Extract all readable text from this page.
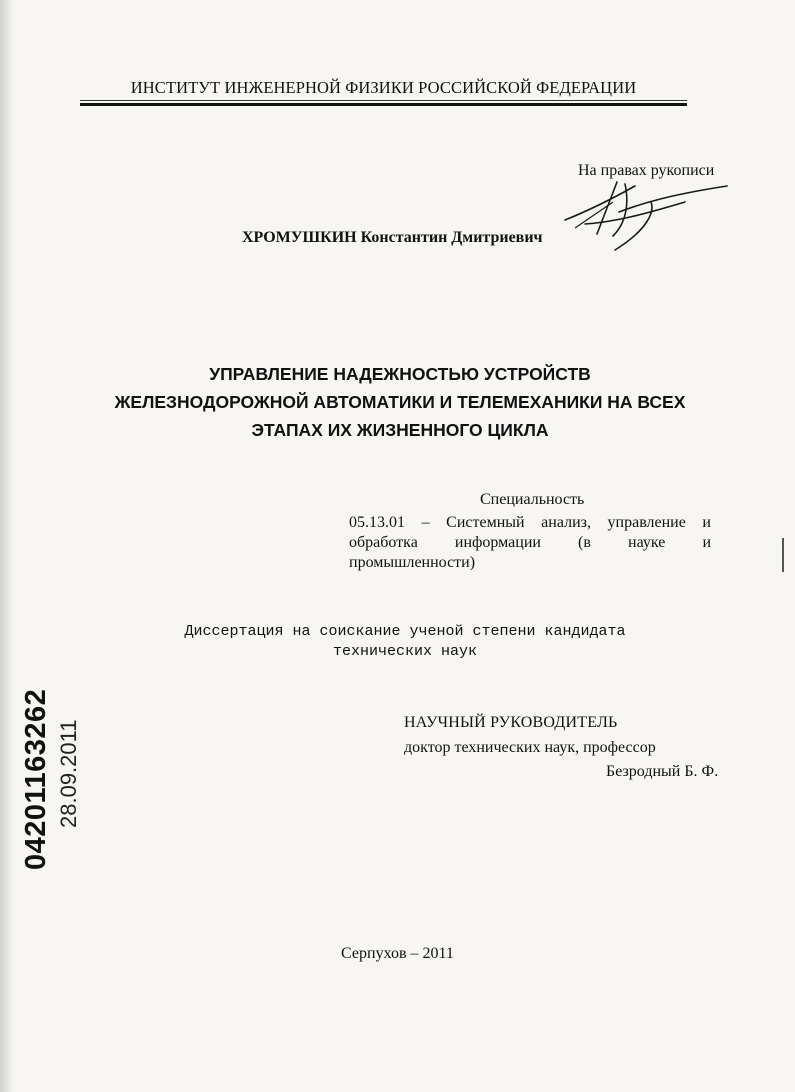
ИНСТИТУТ ИНЖЕНЕРНОЙ ФИЗИКИ РОССИЙСКОЙ ФЕДЕРАЦИИ
На правах рукописи
ХРОМУШКИН Константин Дмитриевич
УПРАВЛЕНИЕ НАДЕЖНОСТЬЮ УСТРОЙСТВ
ЖЕЛЕЗНОДОРОЖНОЙ АВТОМАТИКИ И ТЕЛЕМЕХАНИКИ НА ВСЕХ
ЭТАПАХ ИХ ЖИЗНЕННОГО ЦИКЛА
Специальность
05.13.01 – Системный анализ, управление и
обработка информации (в науке и
промышленности)
Диссертация на соискание ученой степени кандидата
технических наук
НАУЧНЫЙ РУКОВОДИТЕЛЬ
доктор технических наук, профессор
Безродный Б. Ф.
04201163262 28.09.2011
Серпухов – 2011
